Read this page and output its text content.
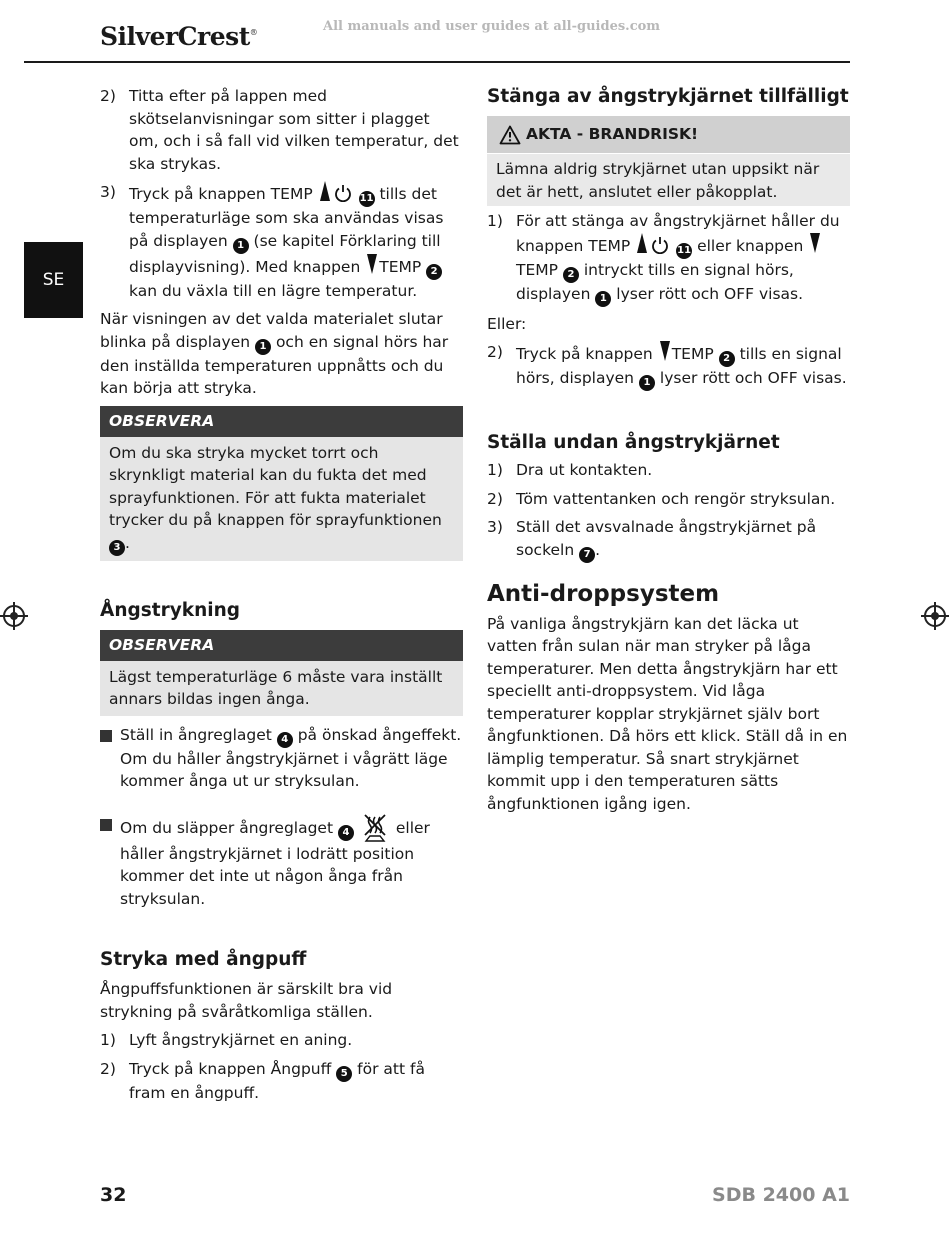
SilverCrest®	All manuals and user guides at all-guides.com
SE
2) Titta efter på lappen med skötselanvisningar som sitter i plagget om, och i så fall vid vilken temperatur, det ska strykas.
3) Tryck på knappen TEMP	11 tills det temperaturläge som ska användas visas på displayen 1 (se kapitel Förklaring till displayvisning). Med knappen TEMP 2 kan du växla till en lägre temperatur.

När visningen av det valda materialet slutar blinka på displayen 1 och en signal hörs har den inställda temperaturen uppnåtts och du kan börja att stryka.

OBSERVERA
Om du ska stryka mycket torrt och skrynkligt material kan du fukta det med sprayfunktionen. För att fukta materialet trycker du på knappen för sprayfunktionen 3 .
Ångstrykning
OBSERVERA
Lägst temperaturläge 6 måste vara inställt annars bildas ingen ånga.
Ställ in ångreglaget 4 på önskad ångeffekt. Om du håller ångstrykjärnet i vågrätt läge kommer ånga ut ur stryksulan.
Om du släpper ångreglaget 4	eller håller ångstrykjärnet i lodrätt position kommer det inte ut någon ånga från stryksulan.
Stryka med ångpuff

Ångpuffsfunktionen är särskilt bra vid strykning på svåråtkomliga ställen.

1) Lyft ångstrykjärnet en aning.
2) Tryck på knappen Ångpuff 5 för att få fram en ångpuff.
Stänga av ångstrykjärnet tillfälligt
AKTA - BRANDRISK!
Lämna aldrig strykjärnet utan uppsikt när det är hett, anslutet eller påkopplat.
1) För att stänga av ångstrykjärnet håller du knappen TEMP	11 eller knappen TEMP 2 intryckt tills en signal hörs, displayen 1 lyser rött och OFF visas.

Eller:

2) Tryck på knappen TEMP 2 tills en signal hörs, displayen 1 lyser rött och OFF visas.
Ställa undan ångstrykjärnet
1) Dra ut kontakten.
2) Töm vattentanken och rengör stryksulan.
3) Ställ det avsvalnade ångstrykjärnet på sockeln 7 .
Anti-droppsystem

På vanliga ångstrykjärn kan det läcka ut vatten från sulan när man stryker på låga temperaturer. Men detta ångstrykjärn har ett speciellt anti-droppsystem. Vid låga temperaturer kopplar strykjärnet själv bort ångfunktionen. Då hörs ett klick. Ställ då in en lämplig temperatur. Så snart strykjärnet kommit upp i den temperaturen sätts ångfunktionen igång igen.

32	SDB 2400 A1
